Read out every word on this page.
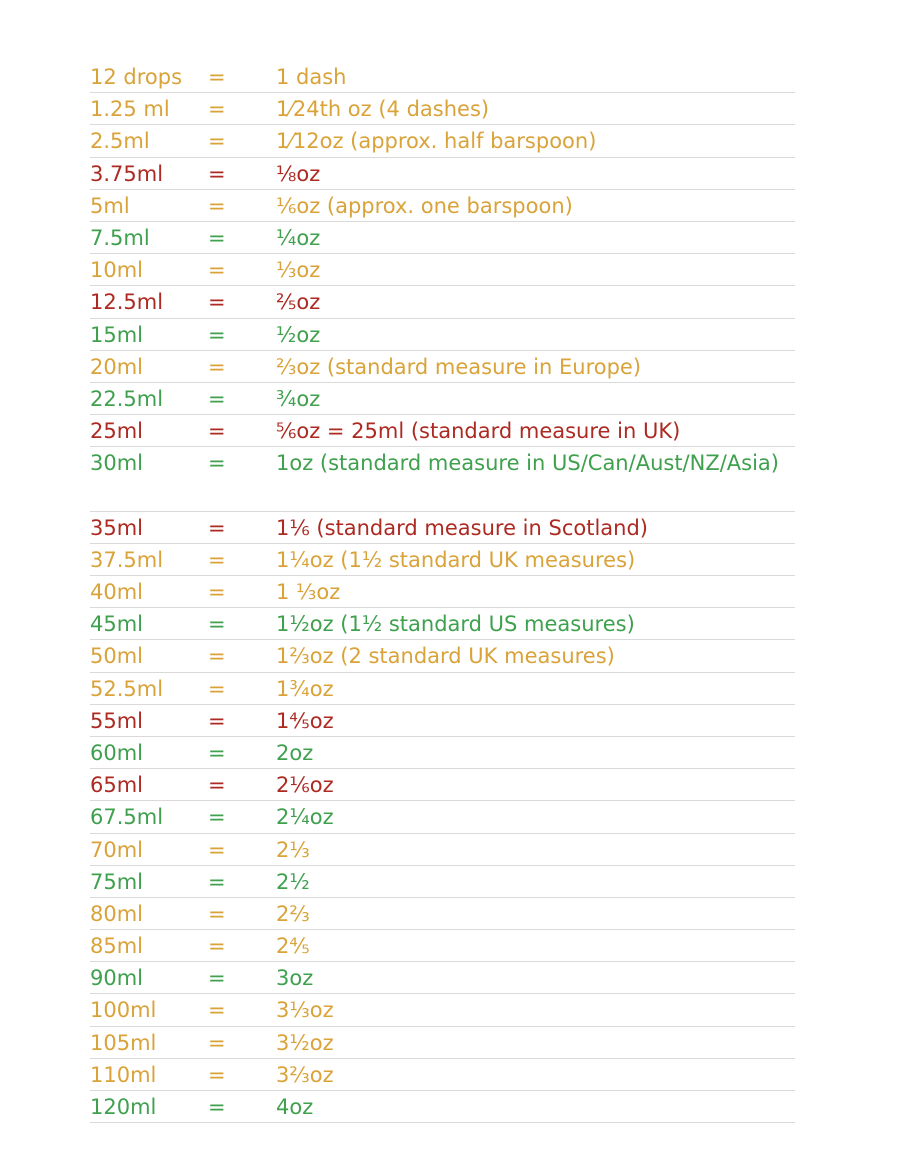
12 drops	=	1 dash
1.25 ml	=	1⁄24th oz (4 dashes)
2.5ml	=	1⁄12oz (approx. half barspoon)
3.75ml	=	⅛oz
5ml	=	⅙oz (approx. one barspoon)
7.5ml	=	¼oz
10ml	=	⅓oz
12.5ml	=	⅖oz
15ml	=	½oz
20ml	=	⅔oz (standard measure in Europe)
22.5ml	=	¾oz
25ml	=	⅚oz = 25ml (standard measure in UK)
30ml	=	1oz (standard measure in US/Can/Aust/NZ/Asia)
35ml	=	1⅙ (standard measure in Scotland)
37.5ml	=	1¼oz (1½ standard UK measures)
40ml	=	1 ⅓oz
45ml	=	1½oz (1½ standard US measures)
50ml	=	1⅔oz (2 standard UK measures)
52.5ml	=	1¾oz
55ml	=	1⅘oz
60ml	=	2oz
65ml	=	2⅙oz
67.5ml	=	2¼oz
70ml	=	2⅓
75ml	=	2½
80ml	=	2⅔
85ml	=	2⅘
90ml	=	3oz
100ml	=	3⅓oz
105ml	=	3½oz
110ml	=	3⅔oz
120ml	=	4oz
